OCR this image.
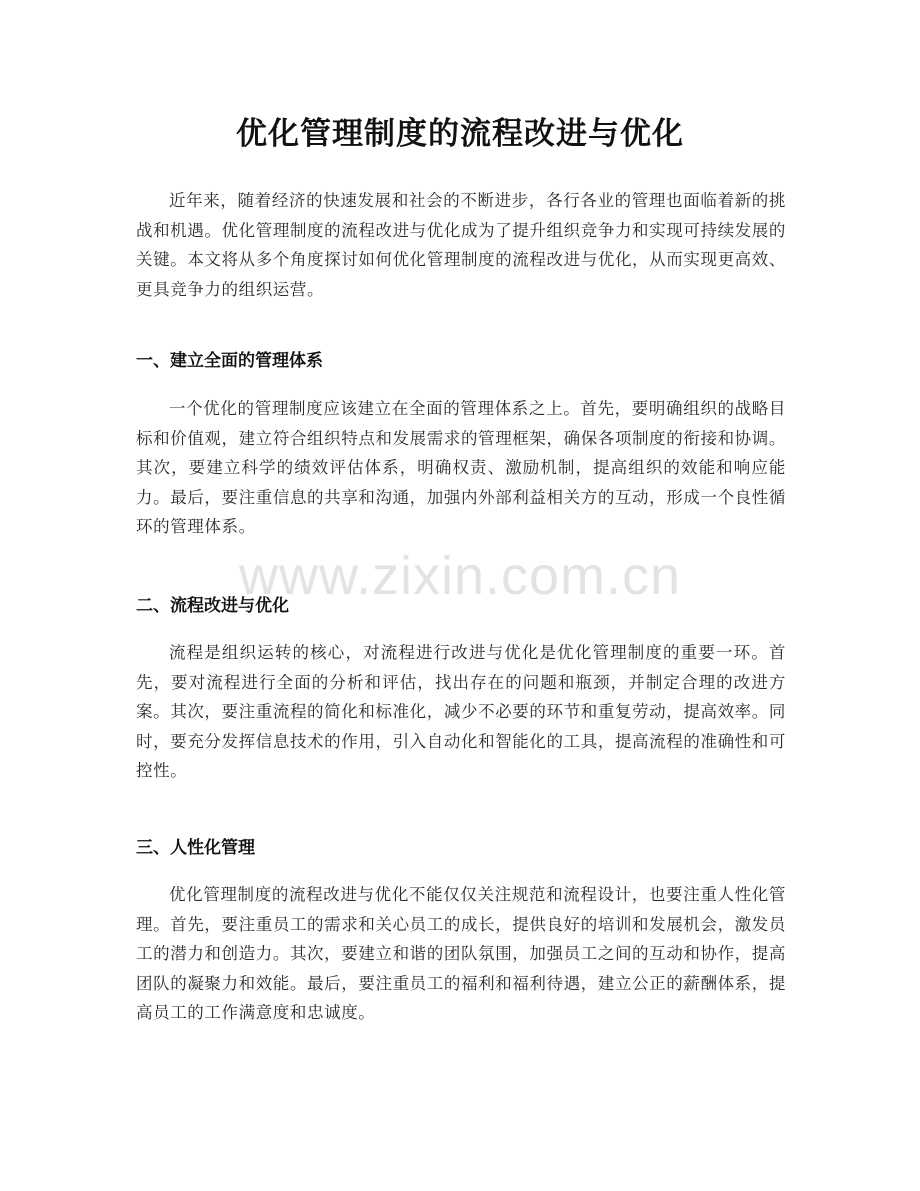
www.zixin.com.cn
优化管理制度的流程改进与优化

近年来，随着经济的快速发展和社会的不断进步，各行各业的管理也面临着新的挑战和机遇。优化管理制度的流程改进与优化成为了提升组织竞争力和实现可持续发展的关键。本文将从多个角度探讨如何优化管理制度的流程改进与优化，从而实现更高效、更具竞争力的组织运营。

一、建立全面的管理体系

一个优化的管理制度应该建立在全面的管理体系之上。首先，要明确组织的战略目标和价值观，建立符合组织特点和发展需求的管理框架，确保各项制度的衔接和协调。其次，要建立科学的绩效评估体系，明确权责、激励机制，提高组织的效能和响应能力。最后，要注重信息的共享和沟通，加强内外部利益相关方的互动，形成一个良性循环的管理体系。

二、流程改进与优化

流程是组织运转的核心，对流程进行改进与优化是优化管理制度的重要一环。首先，要对流程进行全面的分析和评估，找出存在的问题和瓶颈，并制定合理的改进方案。其次，要注重流程的简化和标准化，减少不必要的环节和重复劳动，提高效率。同时，要充分发挥信息技术的作用，引入自动化和智能化的工具，提高流程的准确性和可控性。

三、人性化管理

优化管理制度的流程改进与优化不能仅仅关注规范和流程设计，也要注重人性化管理。首先，要注重员工的需求和关心员工的成长，提供良好的培训和发展机会，激发员工的潜力和创造力。其次，要建立和谐的团队氛围，加强员工之间的互动和协作，提高团队的凝聚力和效能。最后，要注重员工的福利和福利待遇，建立公正的薪酬体系，提高员工的工作满意度和忠诚度。
